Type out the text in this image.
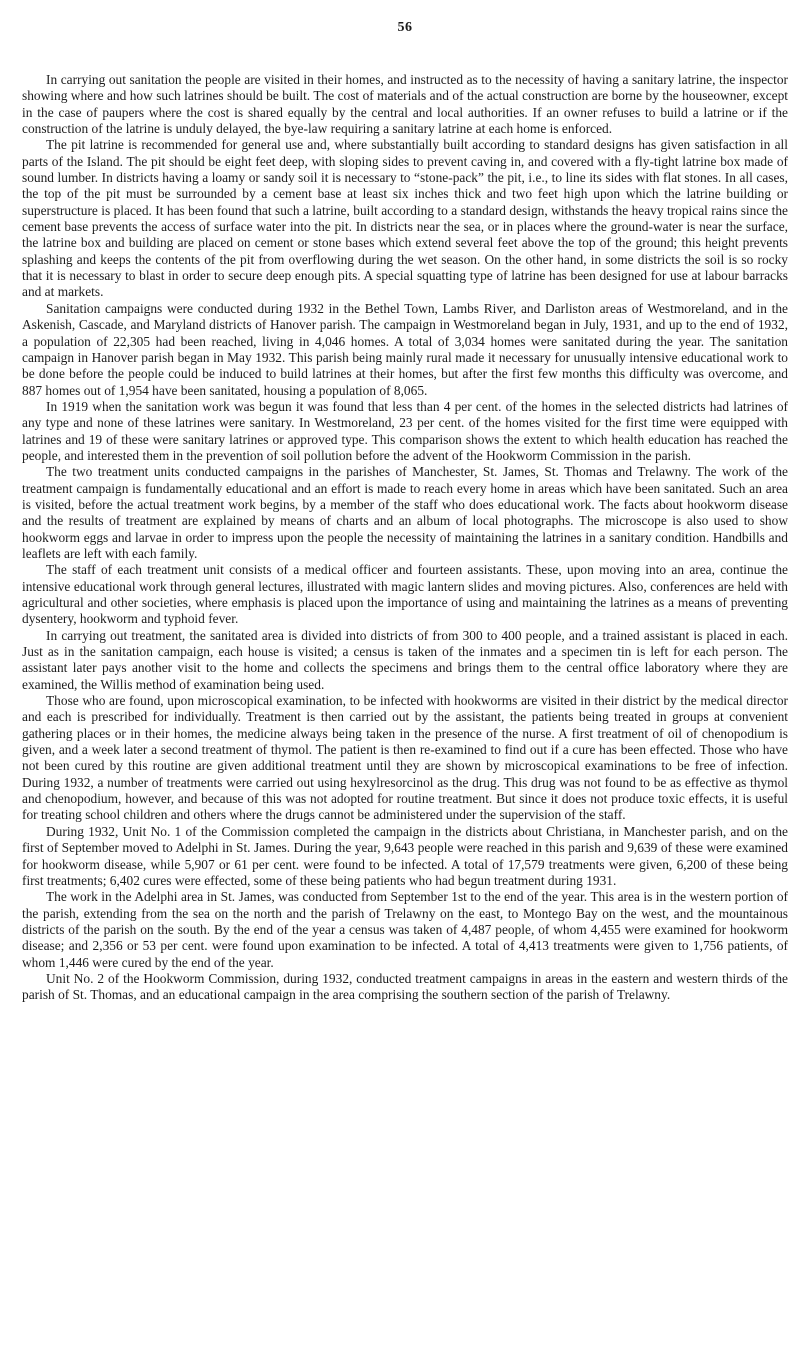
56

In carrying out sanitation the people are visited in their homes, and instructed as to the necessity of having a sanitary latrine, the inspector showing where and how such latrines should be built. The cost of materials and of the actual construction are borne by the houseowner, except in the case of paupers where the cost is shared equally by the central and local authorities. If an owner refuses to build a latrine or if the construction of the latrine is unduly delayed, the bye-law requiring a sanitary latrine at each home is enforced.

The pit latrine is recommended for general use and, where substantially built according to standard designs has given satisfaction in all parts of the Island. The pit should be eight feet deep, with sloping sides to prevent caving in, and covered with a fly-tight latrine box made of sound lumber. In districts having a loamy or sandy soil it is necessary to “stone-pack” the pit, i.e., to line its sides with flat stones. In all cases, the top of the pit must be surrounded by a cement base at least six inches thick and two feet high upon which the latrine building or superstructure is placed. It has been found that such a latrine, built according to a standard design, withstands the heavy tropical rains since the cement base prevents the access of surface water into the pit. In districts near the sea, or in places where the ground-water is near the surface, the latrine box and building are placed on cement or stone bases which extend several feet above the top of the ground; this height prevents splashing and keeps the contents of the pit from overflowing during the wet season. On the other hand, in some districts the soil is so rocky that it is necessary to blast in order to secure deep enough pits. A special squatting type of latrine has been designed for use at labour barracks and at markets.

Sanitation campaigns were conducted during 1932 in the Bethel Town, Lambs River, and Darliston areas of Westmoreland, and in the Askenish, Cascade, and Maryland districts of Hanover parish. The campaign in Westmoreland began in July, 1931, and up to the end of 1932, a population of 22,305 had been reached, living in 4,046 homes. A total of 3,034 homes were sanitated during the year. The sanitation campaign in Hanover parish began in May 1932. This parish being mainly rural made it necessary for unusually intensive educational work to be done before the people could be induced to build latrines at their homes, but after the first few months this difficulty was overcome, and 887 homes out of 1,954 have been sanitated, housing a population of 8,065.

In 1919 when the sanitation work was begun it was found that less than 4 per cent. of the homes in the selected districts had latrines of any type and none of these latrines were sanitary. In Westmoreland, 23 per cent. of the homes visited for the first time were equipped with latrines and 19 of these were sanitary latrines or approved type. This comparison shows the extent to which health education has reached the people, and interested them in the prevention of soil pollution before the advent of the Hookworm Commission in the parish.

The two treatment units conducted campaigns in the parishes of Manchester, St. James, St. Thomas and Trelawny. The work of the treatment campaign is fundamentally educational and an effort is made to reach every home in areas which have been sanitated. Such an area is visited, before the actual treatment work begins, by a member of the staff who does educational work. The facts about hookworm disease and the results of treatment are explained by means of charts and an album of local photographs. The microscope is also used to show hookworm eggs and larvae in order to impress upon the people the necessity of maintaining the latrines in a sanitary condition. Handbills and leaflets are left with each family.

The staff of each treatment unit consists of a medical officer and fourteen assistants. These, upon moving into an area, continue the intensive educational work through general lectures, illustrated with magic lantern slides and moving pictures. Also, conferences are held with agricultural and other societies, where emphasis is placed upon the importance of using and maintaining the latrines as a means of preventing dysentery, hookworm and typhoid fever.

In carrying out treatment, the sanitated area is divided into districts of from 300 to 400 people, and a trained assistant is placed in each. Just as in the sanitation campaign, each house is visited; a census is taken of the inmates and a specimen tin is left for each person. The assistant later pays another visit to the home and collects the specimens and brings them to the central office laboratory where they are examined, the Willis method of examination being used.

Those who are found, upon microscopical examination, to be infected with hookworms are visited in their district by the medical director and each is prescribed for individually. Treatment is then carried out by the assistant, the patients being treated in groups at convenient gathering places or in their homes, the medicine always being taken in the presence of the nurse. A first treatment of oil of chenopodium is given, and a week later a second treatment of thymol. The patient is then re-examined to find out if a cure has been effected. Those who have not been cured by this routine are given additional treatment until they are shown by microscopical examinations to be free of infection. During 1932, a number of treatments were carried out using hexylresorcinol as the drug. This drug was not found to be as effective as thymol and chenopodium, however, and because of this was not adopted for routine treatment. But since it does not produce toxic effects, it is useful for treating school children and others where the drugs cannot be administered under the supervision of the staff.

During 1932, Unit No. 1 of the Commission completed the campaign in the districts about Christiana, in Manchester parish, and on the first of September moved to Adelphi in St. James. During the year, 9,643 people were reached in this parish and 9,639 of these were examined for hookworm disease, while 5,907 or 61 per cent. were found to be infected. A total of 17,579 treatments were given, 6,200 of these being first treatments; 6,402 cures were effected, some of these being patients who had begun treatment during 1931.

The work in the Adelphi area in St. James, was conducted from September 1st to the end of the year. This area is in the western portion of the parish, extending from the sea on the north and the parish of Trelawny on the east, to Montego Bay on the west, and the mountainous districts of the parish on the south. By the end of the year a census was taken of 4,487 people, of whom 4,455 were examined for hookworm disease; and 2,356 or 53 per cent. were found upon examination to be infected. A total of 4,413 treatments were given to 1,756 patients, of whom 1,446 were cured by the end of the year.

Unit No. 2 of the Hookworm Commission, during 1932, conducted treatment campaigns in areas in the eastern and western thirds of the parish of St. Thomas, and an educational campaign in the area comprising the southern section of the parish of Trelawny.
